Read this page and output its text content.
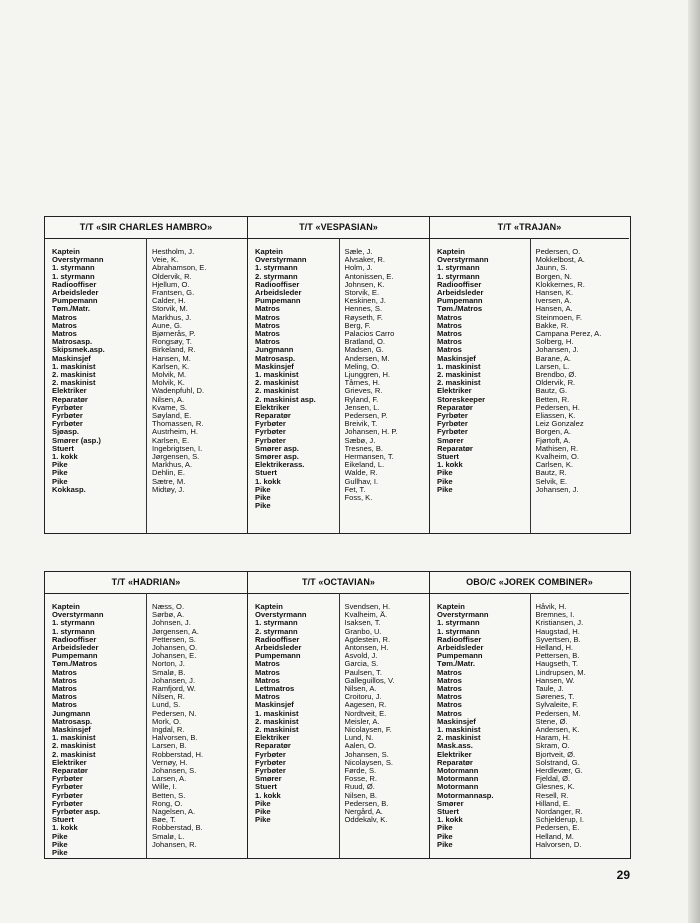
T/T «SIR CHARLES HAMBRO»
Kaptein
Overstyrmann
1. styrmann
1. styrmann
Radiooffiser
Arbeidsleder
Pumpemann
Tøm./Matr.
Matros
Matros
Matros
Matrosasp.
Skipsmek.asp.
Maskinsjef
1. maskinist
2. maskinist
2. maskinist
Elektriker
Reparatør
Fyrbøter
Fyrbøter
Fyrbøter
Sjøasp.
Smører (asp.)
Stuert
1. kokk
Pike
Pike
Pike
Kokkasp.
Hestholm, J.
Veie, K.
Abrahamson, E.
Oldervik, R.
Hjellum, O.
Frantsen, G.
Calder, H.
Storvik, M.
Markhus, J.
Aune, G.
Bjørnerås, P.
Rongsøy, T.
Birkeland, R.
Hansen, M.
Karlsen, K.
Molvik, M.
Molvik, K.
Wadenpfuhl, D.
Nilsen, A.
Kvame, S.
Søyland, E.
Thomassen, R.
Austrheim, H.
Karlsen, E.
Ingebrigtsen, I.
Jørgensen, S.
Markhus, A.
Dehlin, E.
Sætre, M.
Midtøy, J.
T/T «VESPASIAN»
Kaptein
Overstyrmann
1. styrmann
2. styrmann
Radiooffiser
Arbeidsleder
Pumpemann
Matros
Matros
Matros
Matros
Matros
Jungmann
Matrosasp.
Maskinsjef
1. maskinist
2. maskinist
2. maskinist
2. maskinist asp.
Elektriker
Reparatør
Fyrbøter
Fyrbøter
Fyrbøter
Smører asp.
Smører asp.
Elektrikerass.
Stuert
1. kokk
Pike
Pike
Pike
Sæle, J.
Alvsaker, R.
Holm, J.
Antonissen, E.
Johnsen, K.
Storvik, E.
Keskinen, J.
Hennes, S.
Røyseth, F.
Berg, F.
Palacios Carro
Bratland, O.
Madsen, G.
Andersen, M.
Meling, O.
Ljunggren, H.
Tårnes, H.
Grieves, R.
Ryland, F.
Jensen, L.
Pedersen, P.
Breivik, T.
Johansen, H. P.
Sæbø, J.
Tresnes, B.
Hermansen, T.
Eikeland, L.
Walde, R.
Gullhav, I.
Fet, T.
Foss, K.
T/T «TRAJAN»
Kaptein
Overstyrmann
1. styrmann
1. styrmann
Radiooffiser
Arbeidsleder
Pumpemann
Tøm./Matros
Matros
Matros
Matros
Matros
Matros
Maskinsjef
1. maskinist
2. maskinist
2. maskinist
Elektriker
Storeskeeper
Reparatør
Fyrbøter
Fyrbøter
Fyrbøter
Smører
Reparatør
Stuert
1. kokk
Pike
Pike
Pike
Pedersen, O.
Mokkelbost, A.
Jaunn, S.
Borgen, N.
Klokkernes, R.
Hansen, K.
Iversen, A.
Hansen, A.
Steinmoen, F.
Bakke, R.
Campana Perez, A.
Solberg, H.
Johansen, J.
Barane, A.
Larsen, L.
Brendbo, Ø.
Oldervik, R.
Bautz, G.
Betten, R.
Pedersen, H.
Eliassen, K.
Leiz Gonzalez
Borgen, A.
Fjørtoft, A.
Mathisen, R.
Kvalheim, O.
Carlsen, K.
Bautz, R.
Selvik, E.
Johansen, J.
T/T «HADRIAN»
Kaptein
Overstyrmann
1. styrmann
1. styrmann
Radiooffiser
Arbeidsleder
Pumpemann
Tøm./Matros
Matros
Matros
Matros
Matros
Matros
Jungmann
Matrosasp.
Maskinsjef
1. maskinist
2. maskinist
2. maskinist
Elektriker
Reparatør
Fyrbøter
Fyrbøter
Fyrbøter
Fyrbøter
Fyrbøter asp.
Stuert
1. kokk
Pike
Pike
Pike
Næss, O.
Sørbø, A.
Johnsen, J.
Jørgensen, A.
Pettersen, S.
Johansen, O.
Johansen, E.
Norton, J.
Smalø, B.
Johansen, J.
Ramfjord, W.
Nilsen, R.
Lund, S.
Pedersen, N.
Mork, O.
Ingdal, R.
Halvorsen, B.
Larsen, B.
Robberstad, H.
Vernøy, H.
Johansen, S.
Larsen, A.
Wille, I.
Betten, S.
Rong, O.
Nagelsen, A.
Bøe, T.
Robberstad, B.
Smalø, L.
Johansen, R.
T/T «OCTAVIAN»
Kaptein
Overstyrmann
1. styrmann
2. styrmann
Radiooffiser
Arbeidsleder
Pumpemann
Matros
Matros
Matros
Lettmatros
Matros
Maskinsjef
1. maskinist
2. maskinist
2. maskinist
Elektriker
Reparatør
Fyrbøter
Fyrbøter
Fyrbøter
Smører
Stuert
1. kokk
Pike
Pike
Pike
Svendsen, H.
Kvalheim, Å.
Isaksen, T.
Granbo, U.
Agdestein, R.
Antonsen, H.
Asvold, J.
Garcia, S.
Paulsen, T.
Galleguillos, V.
Nilsen, A.
Croitoru, J.
Aagesen, R.
Nordtveit, E.
Meisler, A.
Nicolaysen, F.
Lund, N.
Aalen, O.
Johansen, S.
Nicolaysen, S.
Førde, S.
Fosse, R.
Ruud, Ø.
Nilsen, B.
Pedersen, B.
Nergård, A.
Oddekalv, K.
OBO/C «JOREK COMBINER»
Kaptein
Overstyrmann
1. styrmann
1. styrmann
Radiooffiser
Arbeidsleder
Pumpemann
Tøm./Matr.
Matros
Matros
Matros
Matros
Matros
Matros
Maskinsjef
1. maskinist
2. maskinist
Mask.ass.
Elektriker
Reparatør
Motormann
Motormann
Motormann
Motormannasp.
Smører
Stuert
1. kokk
Pike
Pike
Pike
Håvik, H.
Bremnes, I.
Kristiansen, J.
Haugstad, H.
Syvertsen, B.
Helland, H.
Pettersen, B.
Haugseth, T.
Lindrupsen, M.
Hansen, W.
Taule, J.
Sørenes, T.
Sylvaleite, F.
Pedersen, M.
Stene, Ø.
Andersen, K.
Haram, H.
Skram, O.
Bjortveit, Ø.
Solstrand, G.
Herdlevær, G.
Fjeldal, Ø.
Glesnes, K.
Resell, R.
Hilland, E.
Nordanger, R.
Schjelderup, I.
Pedersen, E.
Helland, M.
Halvorsen, D.
29
